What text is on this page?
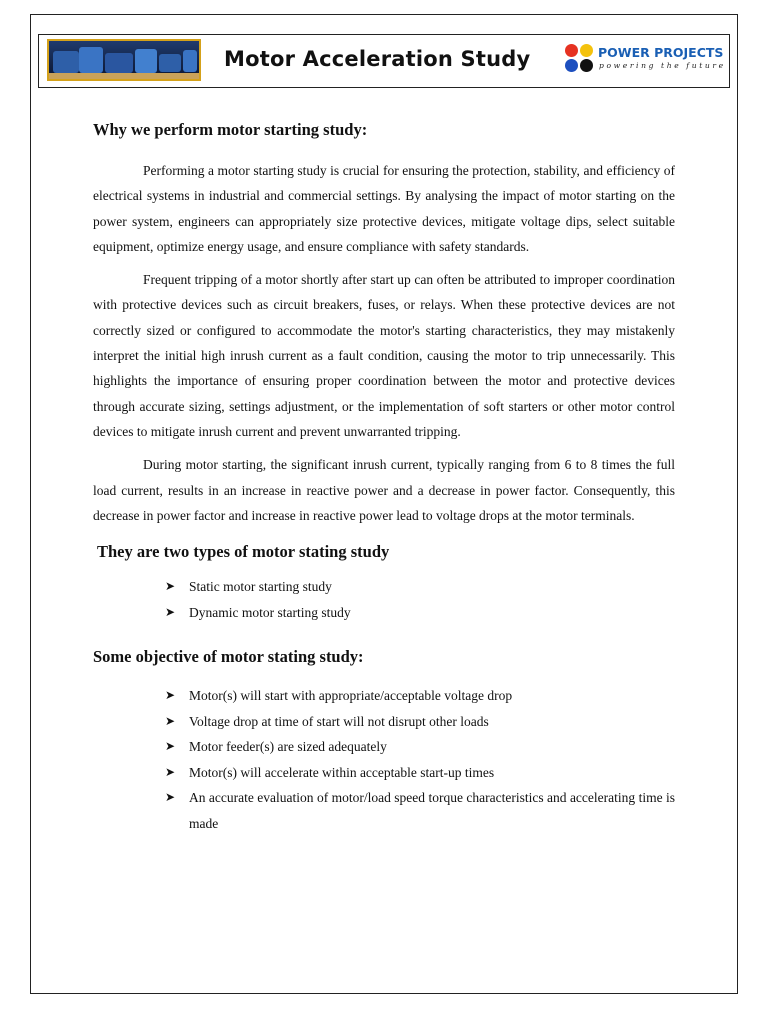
Motor Acceleration Study	POWER PROJECTS
powering the future
Why we perform motor starting study:

Performing a motor starting study is crucial for ensuring the protection, stability, and efficiency of electrical systems in industrial and commercial settings. By analysing the impact of motor starting on the power system, engineers can appropriately size protective devices, mitigate voltage dips, select suitable equipment, optimize energy usage, and ensure compliance with safety standards.

Frequent tripping of a motor shortly after start up can often be attributed to improper coordination with protective devices such as circuit breakers, fuses, or relays. When these protective devices are not correctly sized or configured to accommodate the motor's starting characteristics, they may mistakenly interpret the initial high inrush current as a fault condition, causing the motor to trip unnecessarily. This highlights the importance of ensuring proper coordination between the motor and protective devices through accurate sizing, settings adjustment, or the implementation of soft starters or other motor control devices to mitigate inrush current and prevent unwarranted tripping.

During motor starting, the significant inrush current, typically ranging from 6 to 8 times the full load current, results in an increase in reactive power and a decrease in power factor. Consequently, this decrease in power factor and increase in reactive power lead to voltage drops at the motor terminals.

They are two types of motor stating study
➤ Static motor starting study
➤ Dynamic motor starting study
Some objective of motor stating study:
➤ Motor(s) will start with appropriate/acceptable voltage drop
➤ Voltage drop at time of start will not disrupt other loads
➤ Motor feeder(s) are sized adequately
➤ Motor(s) will accelerate within acceptable start-up times
➤ An accurate evaluation of motor/load speed torque characteristics and accelerating time is made
